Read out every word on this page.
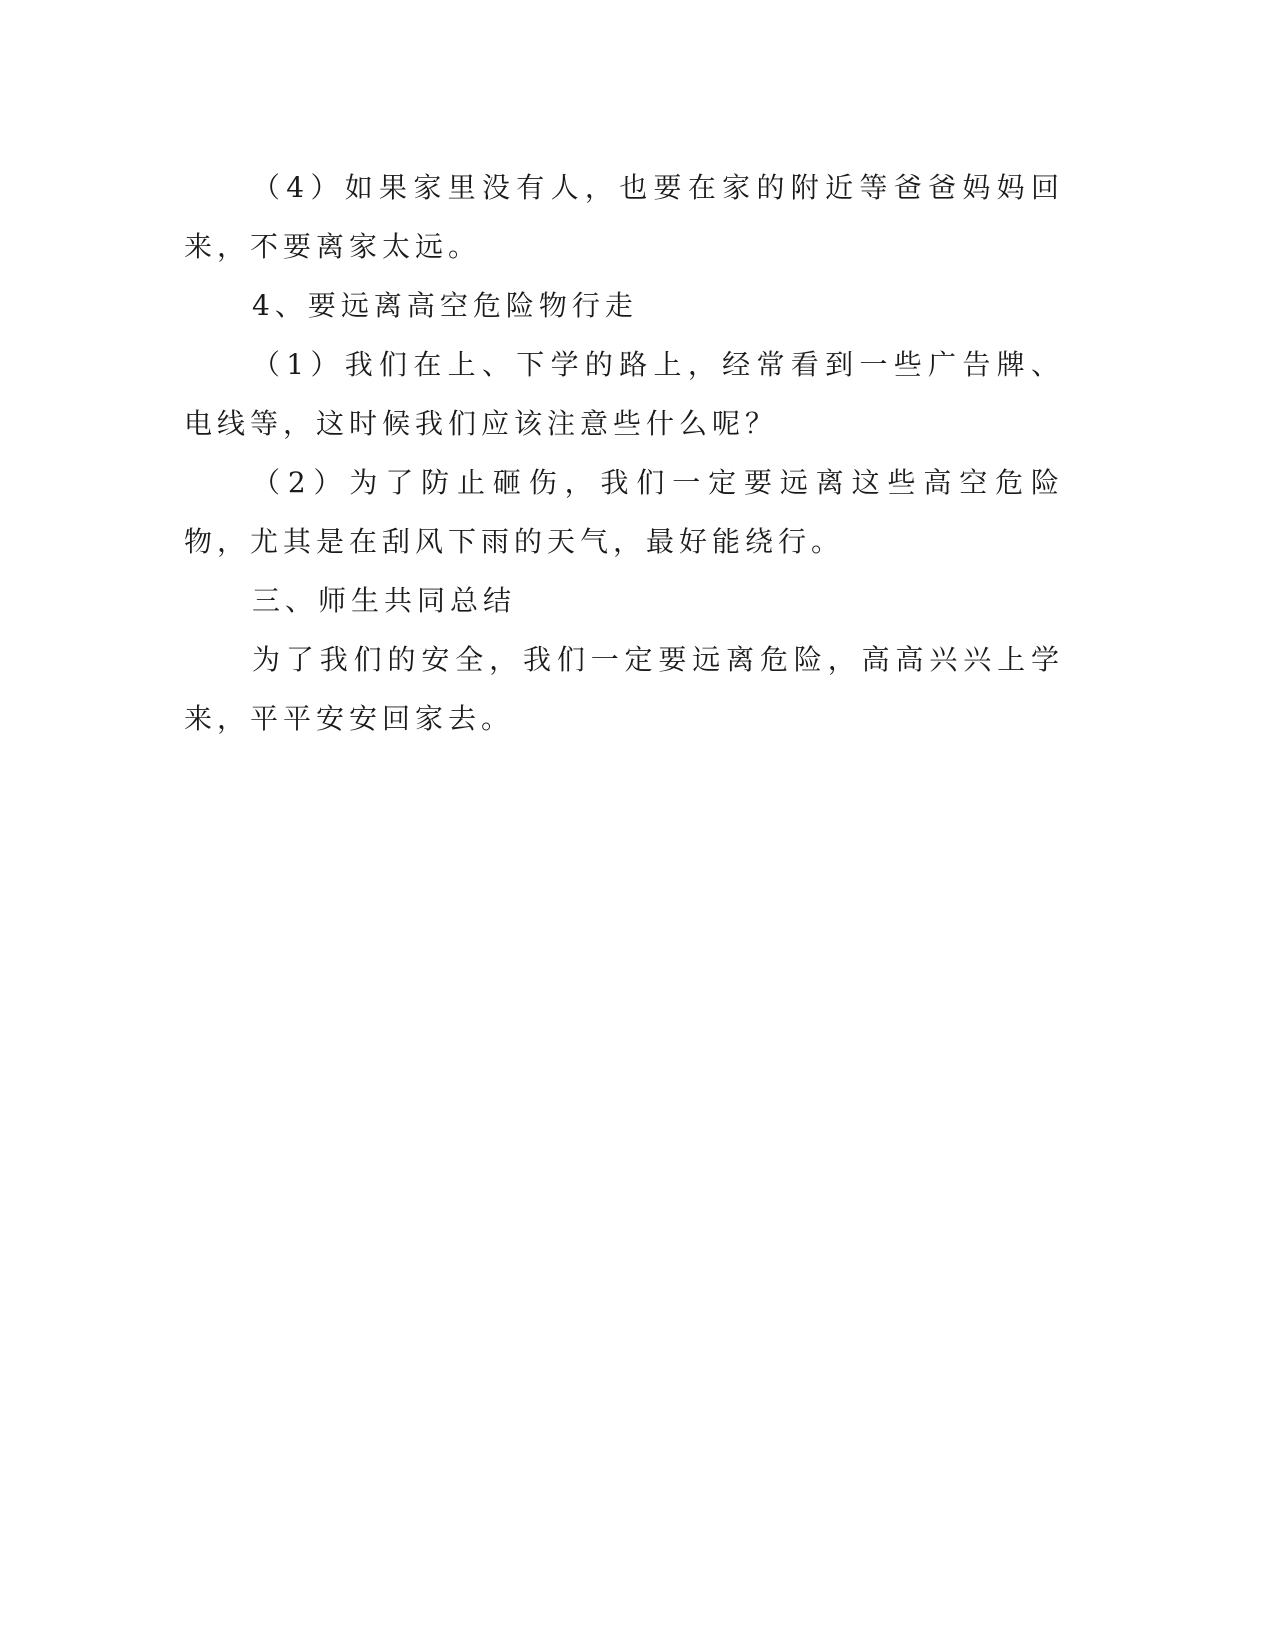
（4）如果家里没有人，也要在家的附近等爸爸妈妈回来，不要离家太远。

4、要远离高空危险物行走

（1）我们在上、下学的路上，经常看到一些广告牌、电线等，这时候我们应该注意些什么呢？

（2）为了防止砸伤，我们一定要远离这些高空危险物，尤其是在刮风下雨的天气，最好能绕行。

三、师生共同总结

为了我们的安全，我们一定要远离危险，高高兴兴上学来，平平安安回家去。
